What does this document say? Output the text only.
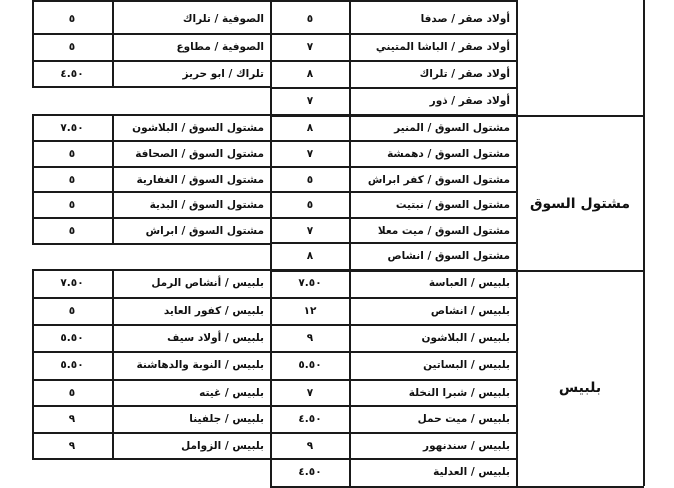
أولاد صقر / صدفا
٥
الصوفية / تلراك
٥
أولاد صقر / الباشا المتيني
٧
الصوفية / مطاوع
٥
أولاد صقر / تلراك
٨
تلراك / ابو حريز
٤.٥٠
أولاد صقر / ذور
٧
مشتول السوق / المنير
٨
مشتول السوق / البلاشون
٧.٥٠
مشتول السوق / دهمشة
٧
مشتول السوق / الصحافة
٥
مشتول السوق / كفر ابراش
٥
مشتول السوق / الغفارية
٥
مشتول السوق / نبتيت
٥
مشتول السوق / البدية
٥
مشتول السوق / ميت معلا
٧
مشتول السوق / ابراش
٥
مشتول السوق / انشاص
٨
مشتول السوق
بلبيس / العباسة
٧.٥٠
بلبيس / أنشاص الرمل
٧.٥٠
بلبيس / انشاص
١٢
بلبيس / كفور العايد
٥
بلبيس / البلاشون
٩
بلبيس / أولاد سيف
٥.٥٠
بلبيس / البساتين
٥.٥٠
بلبيس / النوبة والدهاشنة
٥.٥٠
بلبيس / شبرا النخلة
٧
بلبيس / غيته
٥
بلبيس / ميت حمل
٤.٥٠
بلبيس / جلفينا
٩
بلبيس / سندنهور
٩
بلبيس / الزوامل
٩
بلبيس / العدلية
٤.٥٠
بلبيس
